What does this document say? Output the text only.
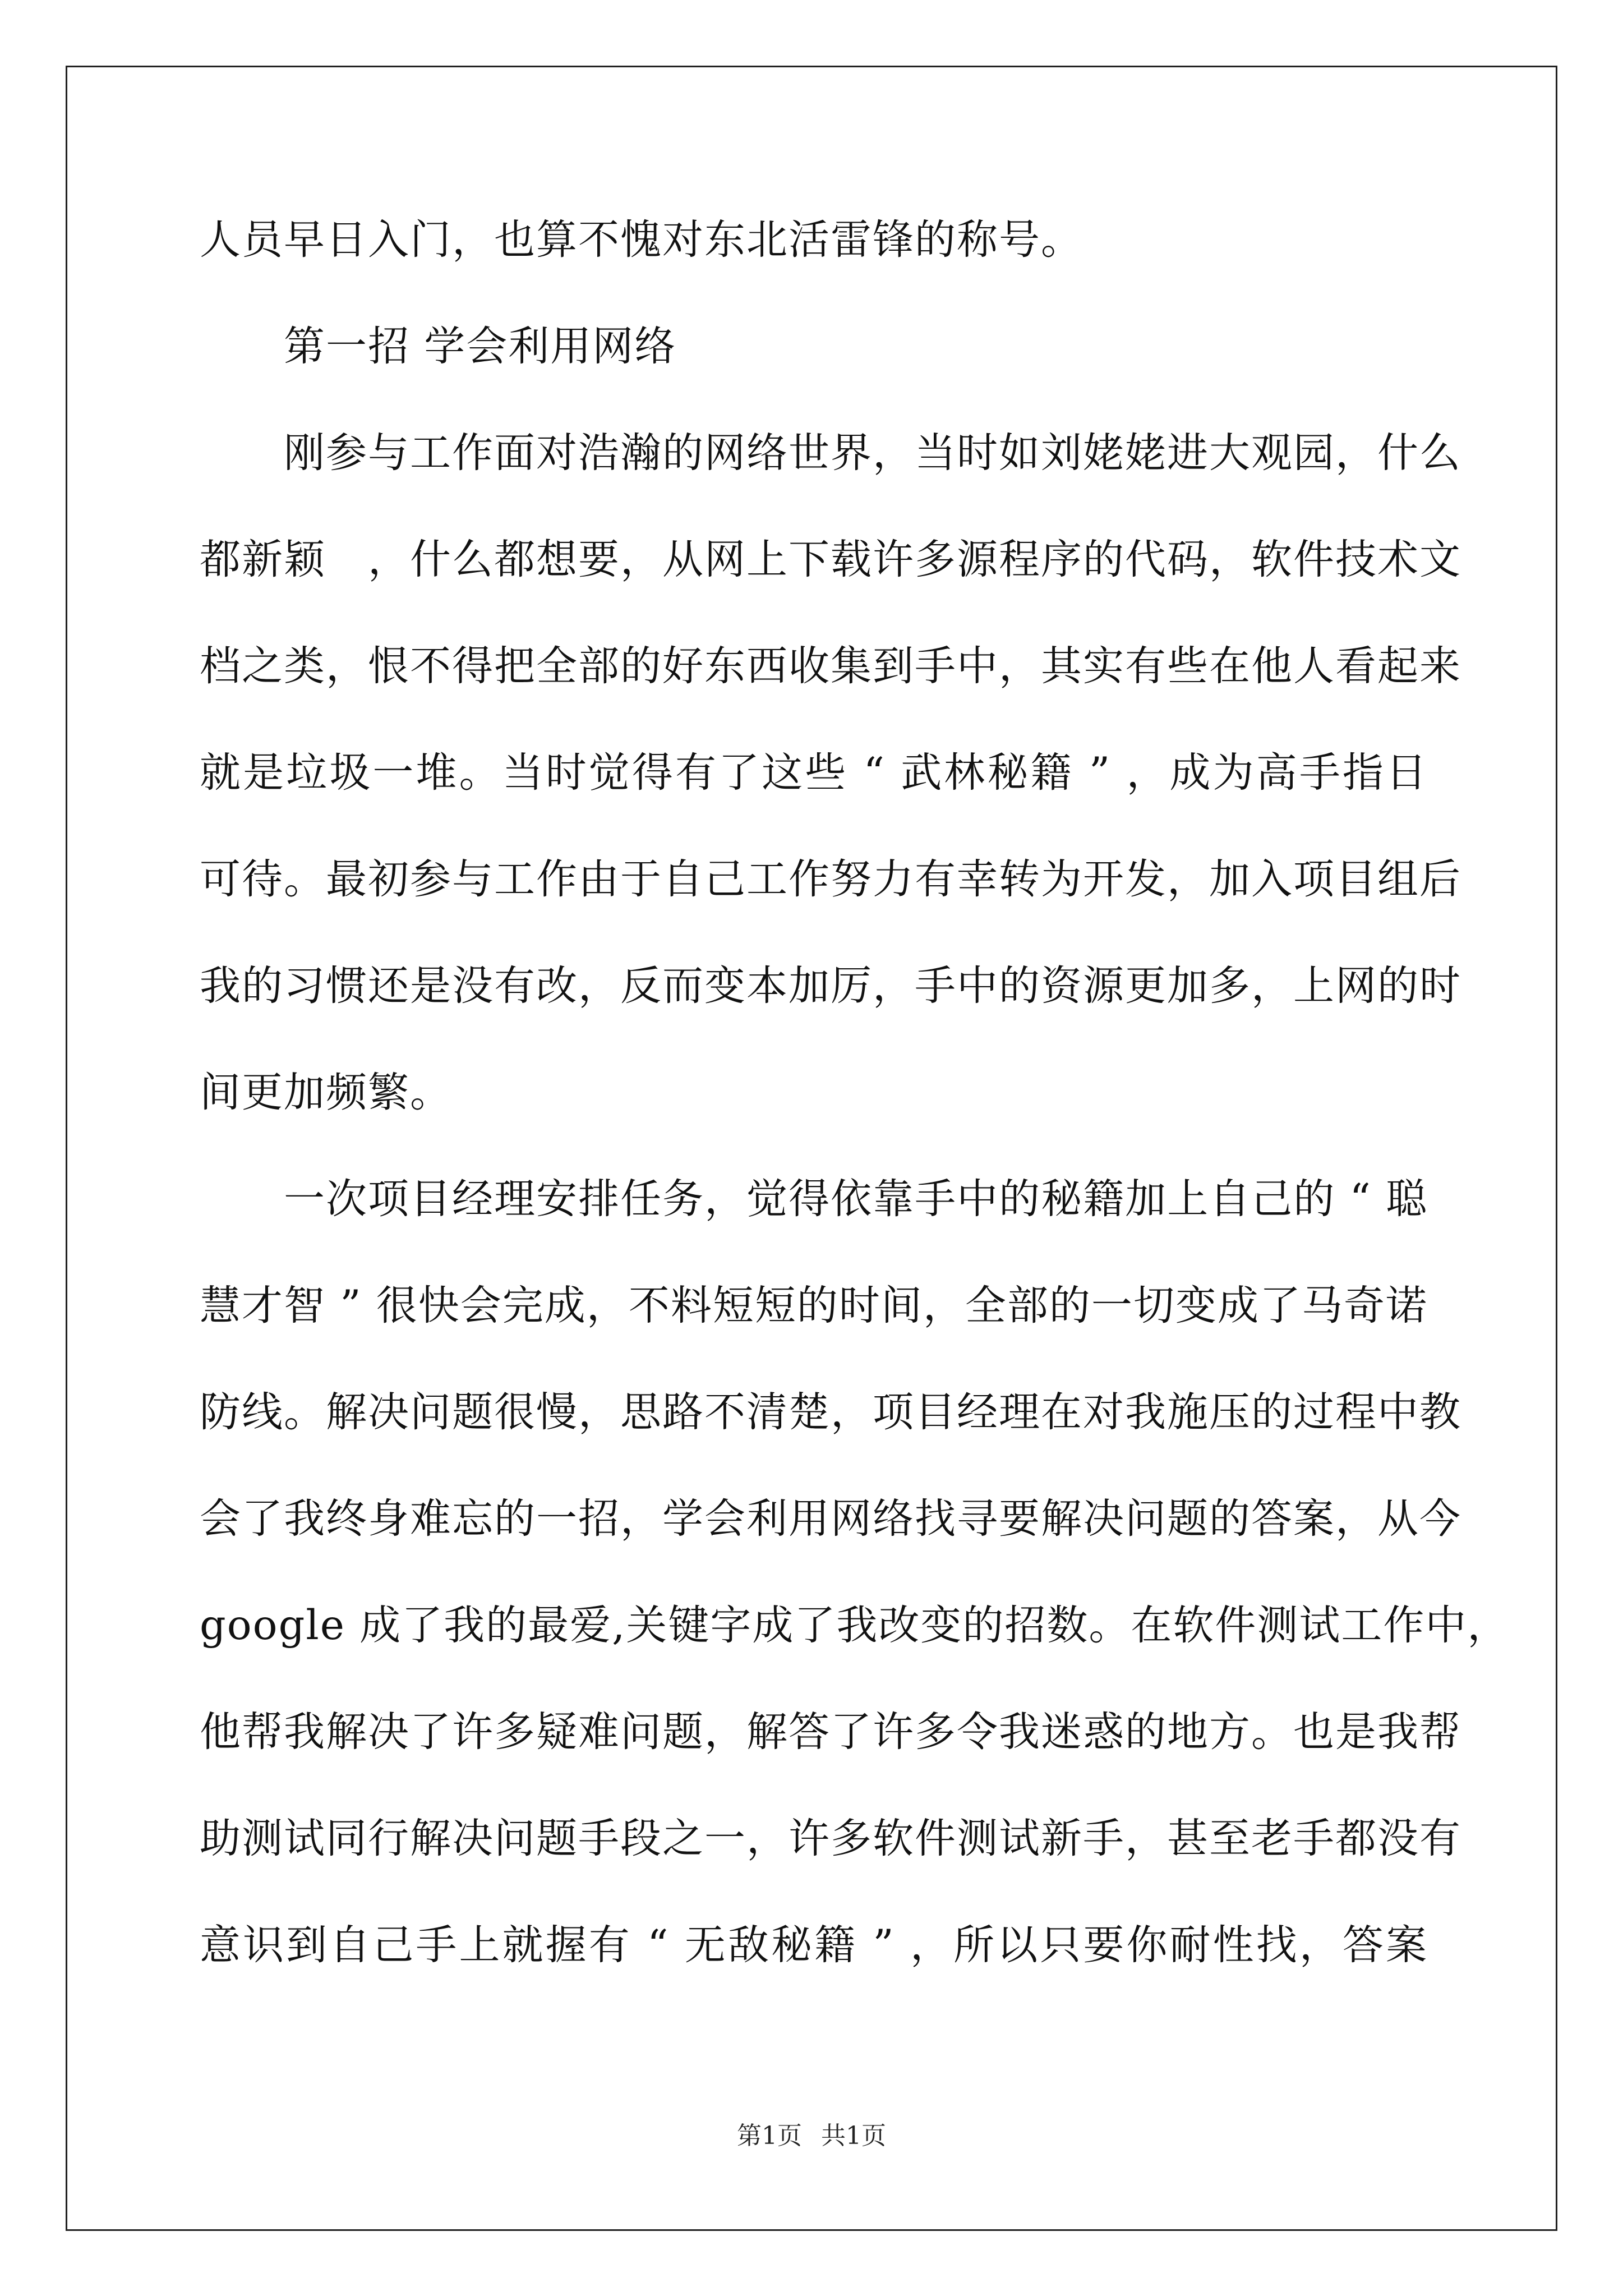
人员早日入门，也算不愧对东北活雷锋的称号。
第一招 学会利用网络
刚参与工作面对浩瀚的网络世界，当时如刘姥姥进大观园，什么
都新颖　，什么都想要，从网上下载许多源程序的代码，软件技术文
档之类，恨不得把全部的好东西收集到手中，其实有些在他人看起来
就是垃圾一堆。当时觉得有了这些 “ 武林秘籍 ” ，成为高手指日
可待。最初参与工作由于自己工作努力有幸转为开发，加入项目组后
我的习惯还是没有改，反而变本加厉，手中的资源更加多，上网的时
间更加频繁。
一次项目经理安排任务，觉得依靠手中的秘籍加上自己的 “ 聪
慧才智 ” 很快会完成，不料短短的时间，全部的一切变成了马奇诺
防线。解决问题很慢，思路不清楚，项目经理在对我施压的过程中教
会了我终身难忘的一招，学会利用网络找寻要解决问题的答案，从今
google 成了我的最爱,关键字成了我改变的招数。在软件测试工作中，
他帮我解决了许多疑难问题，解答了许多令我迷惑的地方。也是我帮
助测试同行解决问题手段之一，许多软件测试新手，甚至老手都没有
意识到自己手上就握有 “ 无敌秘籍 ” ，所以只要你耐性找，答案
第1页 共1页
